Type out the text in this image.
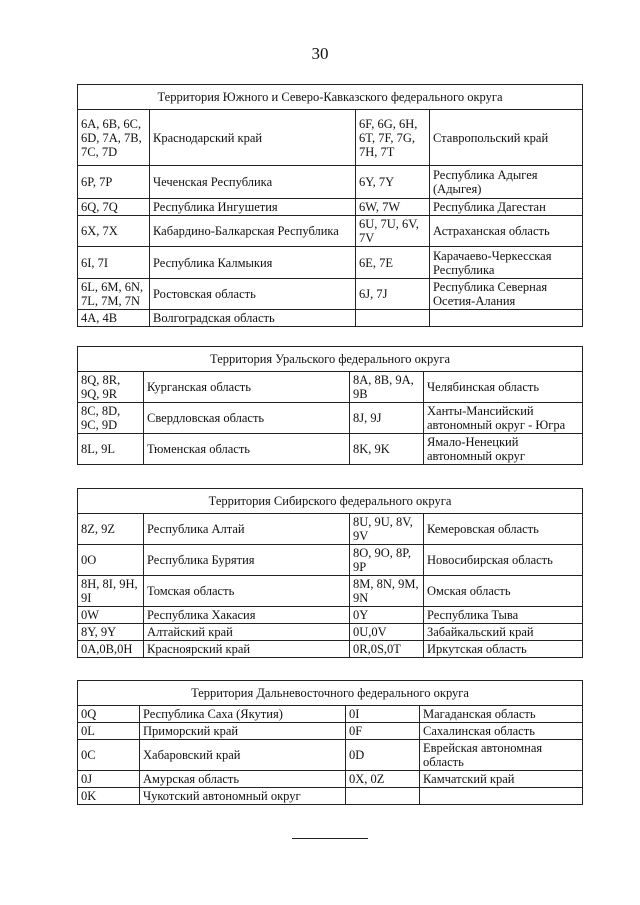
30
Территория Южного и Северо-Кавказского федерального округа			
6A, 6B, 6C, 6D, 7A, 7B, 7C, 7D	Краснодарский край	6F, 6G, 6H, 6T, 7F, 7G, 7H, 7T	Ставропольский край
6P, 7P	Чеченская Республика	6Y, 7Y	Республика Адыгея (Адыгея)
6Q, 7Q	Республика Ингушетия	6W, 7W	Республика Дагестан
6X, 7X	Кабардино-Балкарская Республика	6U, 7U, 6V, 7V	Астраханская область
6I, 7I	Республика Калмыкия	6E, 7E	Карачаево-Черкесская Республика
6L, 6M, 6N, 7L, 7M, 7N	Ростовская область	6J, 7J	Республика Северная Осетия-Алания
4A, 4B	Волгоградская область		
Территория Уральского федерального округа			
8Q, 8R, 9Q, 9R	Курганская область	8A, 8B, 9A, 9B	Челябинская область
8C, 8D, 9C, 9D	Свердловская область	8J, 9J	Ханты-Мансийский автономный округ - Югра
8L, 9L	Тюменская область	8K, 9K	Ямало-Ненецкий автономный округ
Территория Сибирского федерального округа			
8Z, 9Z	Республика Алтай	8U, 9U, 8V, 9V	Кемеровская область
0O	Республика Бурятия	8O, 9O, 8P, 9P	Новосибирская область
8H, 8I, 9H, 9I	Томская область	8M, 8N, 9M, 9N	Омская область
0W	Республика Хакасия	0Y	Республика Тыва
8Y, 9Y	Алтайский край	0U,0V	Забайкальский край
0A,0B,0H	Красноярский край	0R,0S,0T	Иркутская область
Территория Дальневосточного федерального округа			
0Q	Республика Саха (Якутия)	0I	Магаданская область
0L	Приморский край	0F	Сахалинская область
0C	Хабаровский край	0D	Еврейская автономная область
0J	Амурская область	0X, 0Z	Камчатский край
0K	Чукотский автономный округ		
